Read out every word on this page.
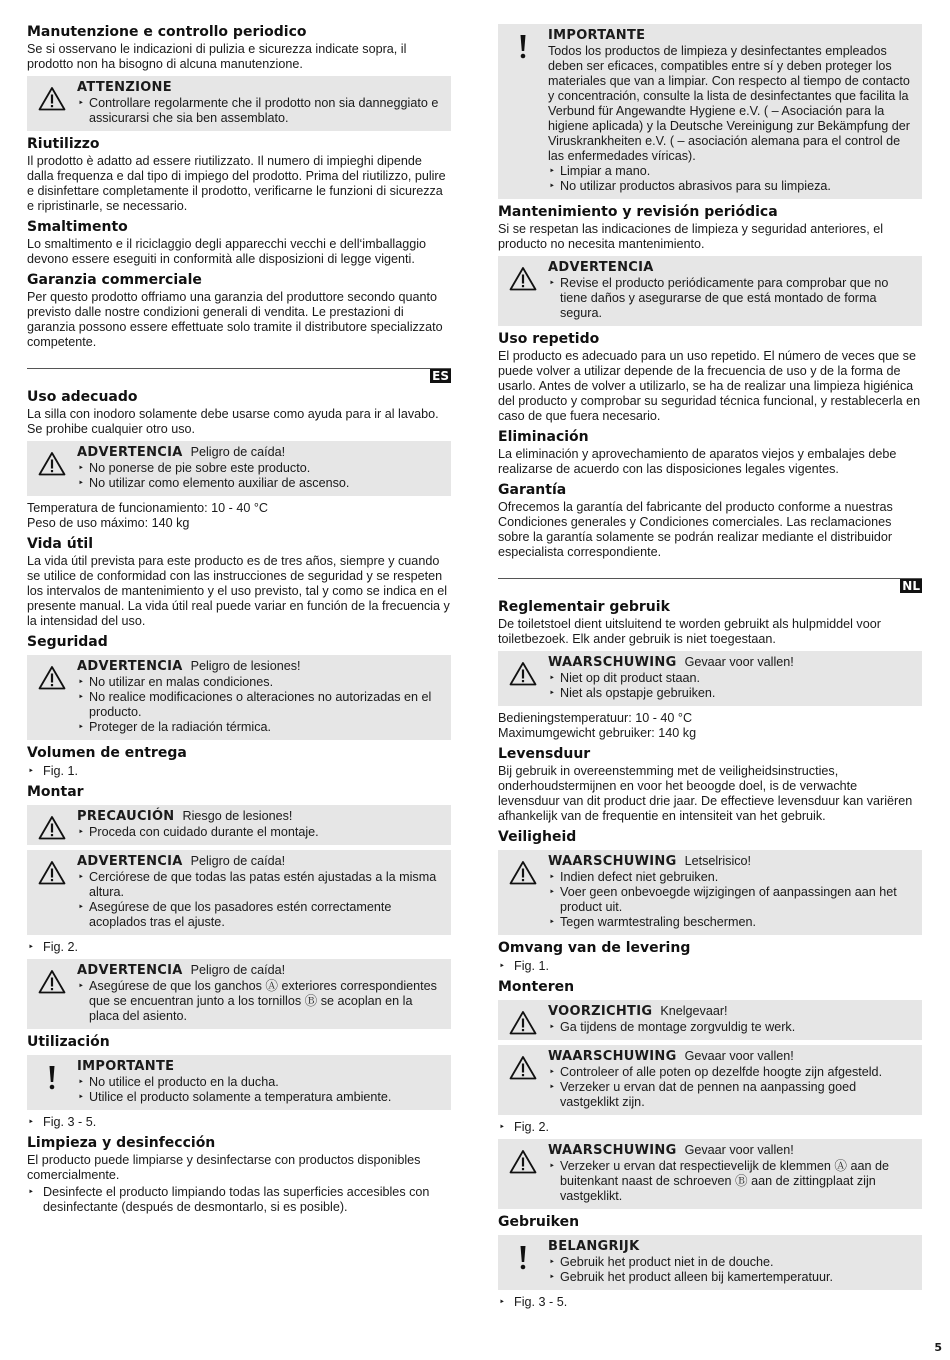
Manutenzione e controllo periodico

Se si osservano le indicazioni di pulizia e sicurezza indicate sopra, il prodotto non ha bisogno di alcuna manutenzione.

ATTENZIONE
‣ Controllare regolarmente che il prodotto non sia danneggiato e assicurarsi che sia ben assemblato.
Riutilizzo

Il prodotto è adatto ad essere riutilizzato. Il numero di impieghi dipende dalla frequenza e dal tipo di impiego del prodotto. Prima del riutilizzo, pulire e disinfettare completamente il prodotto, verificarne le funzioni di sicurezza e ripristinarle, se necessario.

Smaltimento

Lo smaltimento e il riciclaggio degli apparecchi vecchi e dell‘imballaggio devono essere eseguiti in conformità alle disposizioni di legge vigenti.

Garanzia commerciale

Per questo prodotto offriamo una garanzia del produttore secondo quanto previsto dalle nostre condizioni generali di vendita. Le prestazioni di garanzia possono essere effettuate solo tramite il distributore specializzato competente.

ES
Uso adecuado

La silla con inodoro solamente debe usarse como ayuda para ir al lavabo. Se prohibe cualquier otro uso.

ADVERTENCIA Peligro de caída!
‣ No ponerse de pie sobre este producto.
‣ No utilizar como elemento auxiliar de ascenso.

Temperatura de funcionamiento: 10 - 40 °C

Peso de uso máximo: 140 kg

Vida útil

La vida útil prevista para este producto es de tres años, siempre y cuando se utilice de conformidad con las instrucciones de seguridad y se respeten los intervalos de mantenimiento y el uso previsto, tal y como se indica en el presente manual. La vida útil real puede variar en función de la frecuencia y la intensidad del uso.

Seguridad
ADVERTENCIA Peligro de lesiones!
‣ No utilizar en malas condiciones.
‣ No realice modificaciones o alteraciones no autorizadas en el producto.
‣ Proteger de la radiación térmica.
Volumen de entrega
‣ Fig. 1.
Montar
PRECAUCIÓN Riesgo de lesiones!
‣ Proceda con cuidado durante el montaje.
ADVERTENCIA Peligro de caída!
‣ Cerciórese de que todas las patas estén ajustadas a la misma altura.
‣ Asegúrese de que los pasadores estén correctamente acoplados tras el ajuste.
‣ Fig. 2.
ADVERTENCIA Peligro de caída!
‣ Asegúrese de que los ganchos Ⓐ exteriores correspondientes que se encuentran junto a los tornillos Ⓑ se acoplan en la placa del asiento.
Utilización
IMPORTANTE
‣ No utilice el producto en la ducha.
‣ Utilice el producto solamente a temperatura ambiente.
‣ Fig. 3 - 5.
Limpieza y desinfección

El producto puede limpiarse y desinfectarse con productos disponibles comercialmente.

‣ Desinfecte el producto limpiando todas las superficies accesibles con desinfectante (después de desmontarlo, si es posible).
IMPORTANTE
Todos los productos de limpieza y desinfectantes empleados deben ser eficaces, compatibles entre sí y deben proteger los materiales que van a limpiar. Con respecto al tiempo de contacto y concentración, consulte la lista de desinfectantes que facilita la Verbund für Angewandte Hygiene e.V. ( – Asociación para la higiene aplicada) y la Deutsche Vereinigung zur Bekämpfung der Viruskrankheiten e.V. ( – asociación alemana para el control de las enfermedades víricas).
‣ Limpiar a mano.
‣ No utilizar productos abrasivos para su limpieza.
Mantenimiento y revisión periódica

Si se respetan las indicaciones de limpieza y seguridad anteriores, el producto no necesita mantenimiento.

ADVERTENCIA
‣ Revise el producto periódicamente para comprobar que no tiene daños y asegurarse de que está montado de forma segura.
Uso repetido

El producto es adecuado para un uso repetido. El número de veces que se puede volver a utilizar depende de la frecuencia de uso y de la forma de usarlo. Antes de volver a utilizarlo, se ha de realizar una limpieza higiénica del producto y comprobar su seguridad técnica funcional, y restablecerla en caso de que fuera necesario.

Eliminación

La eliminación y aprovechamiento de aparatos viejos y embalajes debe realizarse de acuerdo con las disposiciones legales vigentes.

Garantía

Ofrecemos la garantía del fabricante del producto conforme a nuestras Condiciones generales y Condiciones comerciales. Las reclamaciones sobre la garantía solamente se podrán realizar mediante el distribuidor especialista correspondiente.

NL
Reglementair gebruik

De toiletstoel dient uitsluitend te worden gebruikt als hulpmiddel voor toiletbezoek. Elk ander gebruik is niet toegestaan.

WAARSCHUWING Gevaar voor vallen!
‣ Niet op dit product staan.
‣ Niet als opstapje gebruiken.

Bedieningstemperatuur: 10 - 40 °C

Maximumgewicht gebruiker: 140 kg

Levensduur

Bij gebruik in overeenstemming met de veiligheidsinstructies, onderhoudstermijnen en voor het beoogde doel, is de verwachte levensduur van dit product drie jaar. De effectieve levensduur kan variëren afhankelijk van de frequentie en intensiteit van het gebruik.

Veiligheid
WAARSCHUWING Letselrisico!
‣ Indien defect niet gebruiken.
‣ Voer geen onbevoegde wijzigingen of aanpassingen aan het product uit.
‣ Tegen warmtestraling beschermen.
Omvang van de levering
‣ Fig. 1.
Monteren
VOORZICHTIG Knelgevaar!
‣ Ga tijdens de montage zorgvuldig te werk.
WAARSCHUWING Gevaar voor vallen!
‣ Controleer of alle poten op dezelfde hoogte zijn afgesteld.
‣ Verzeker u ervan dat de pennen na aanpassing goed vastgeklikt zijn.
‣ Fig. 2.
WAARSCHUWING Gevaar voor vallen!
‣ Verzeker u ervan dat respectievelijk de klemmen Ⓐ aan de buitenkant naast de schroeven Ⓑ aan de zittingplaat zijn vastgeklikt.
Gebruiken
BELANGRIJK
‣ Gebruik het product niet in de douche.
‣ Gebruik het product alleen bij kamertemperatuur.
‣ Fig. 3 - 5.
5
